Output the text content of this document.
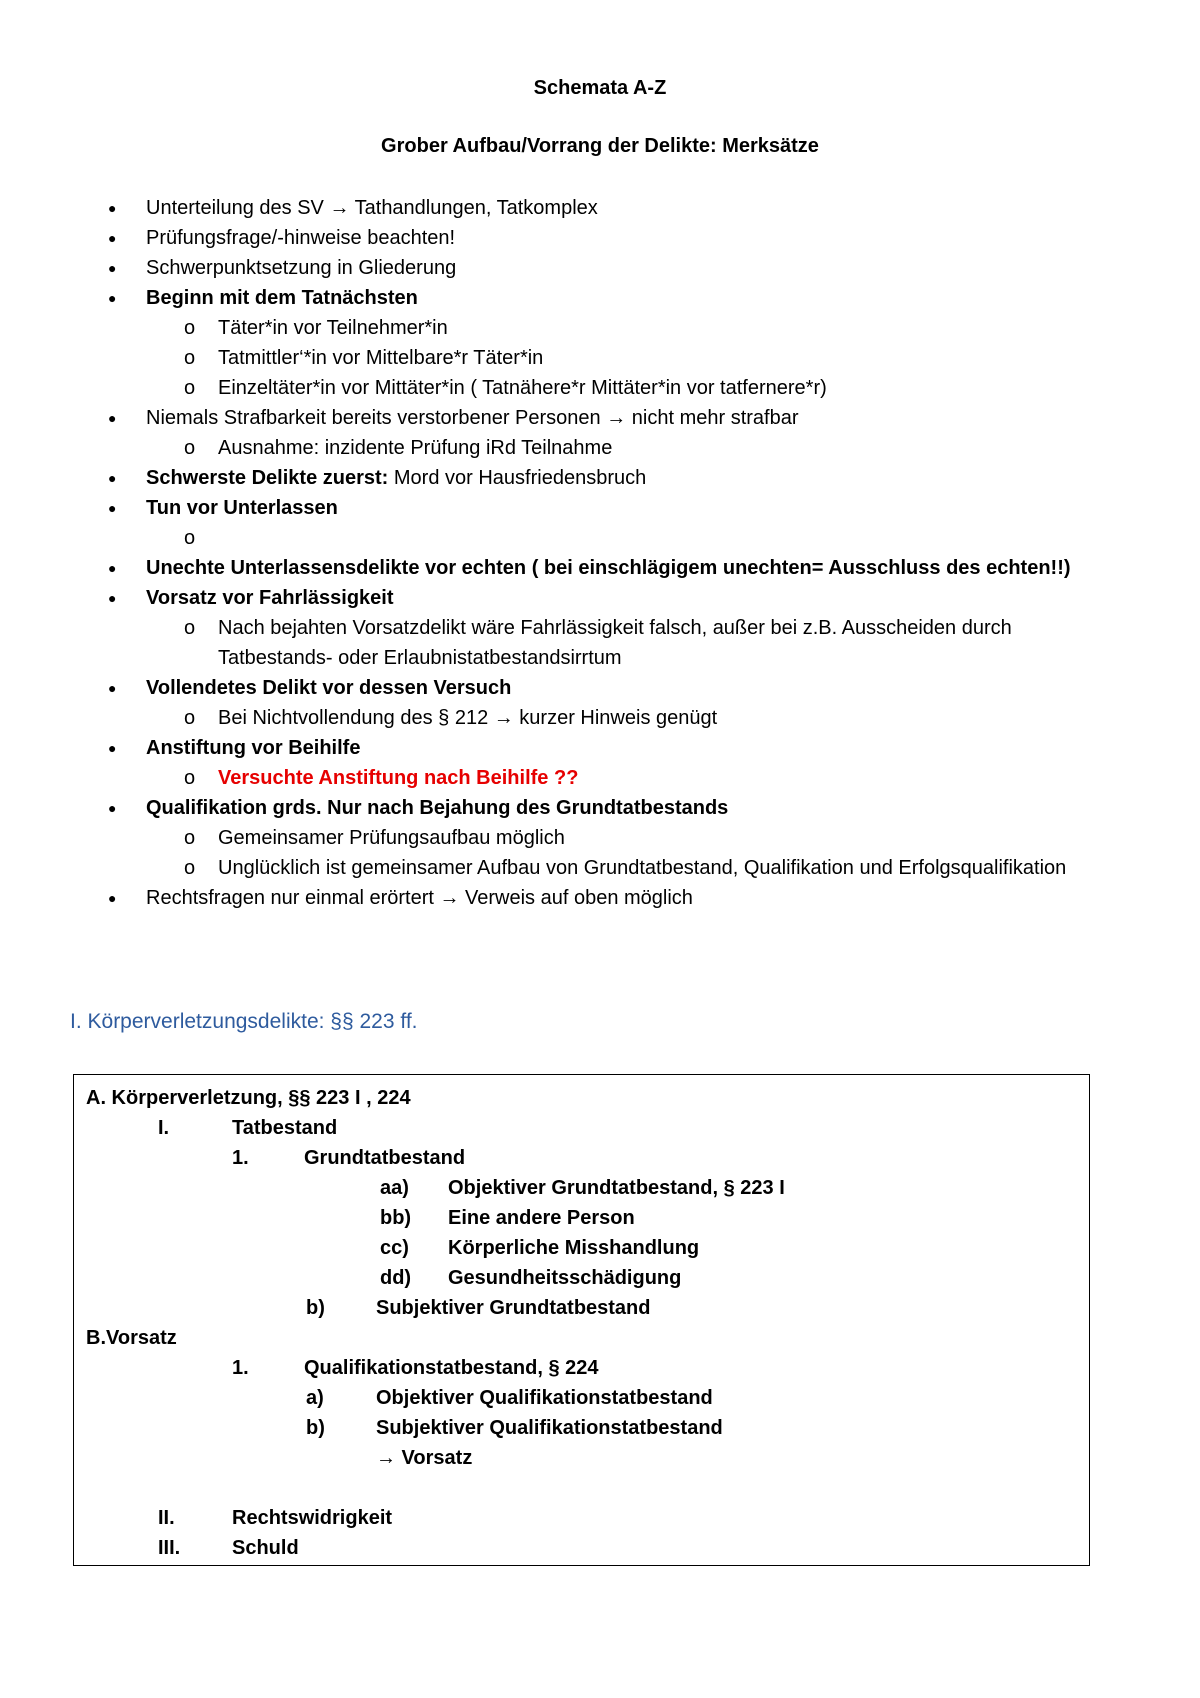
Schemata A-Z
Grober Aufbau/Vorrang der Delikte: Merksätze
● Unterteilung des SV → Tathandlungen, Tatkomplex
● Prüfungsfrage/-hinweise beachten!
● Schwerpunktsetzung in Gliederung
● Beginn mit dem Tatnächsten
o Täter*in vor Teilnehmer*in
o Tatmittler‘*in vor Mittelbare*r Täter*in
o Einzeltäter*in vor Mittäter*in ( Tatnähere*r Mittäter*in vor tatfernere*r)
● Niemals Strafbarkeit bereits verstorbener Personen → nicht mehr strafbar
o Ausnahme: inzidente Prüfung iRd Teilnahme
● Schwerste Delikte zuerst: Mord vor Hausfriedensbruch
● Tun vor Unterlassen
o
● Unechte Unterlassensdelikte vor echten ( bei einschlägigem unechten= Ausschluss des echten!!)
● Vorsatz vor Fahrlässigkeit
o Nach bejahten Vorsatzdelikt wäre Fahrlässigkeit falsch, außer bei z.B. Ausscheiden durch Tatbestands- oder Erlaubnistatbestandsirrtum
● Vollendetes Delikt vor dessen Versuch
o Bei Nichtvollendung des § 212 → kurzer Hinweis genügt
● Anstiftung vor Beihilfe
o Versuchte Anstiftung nach Beihilfe ??
● Qualifikation grds. Nur nach Bejahung des Grundtatbestands
o Gemeinsamer Prüfungsaufbau möglich
o Unglücklich ist gemeinsamer Aufbau von Grundtatbestand, Qualifikation und Erfolgsqualifikation
● Rechtsfragen nur einmal erörtert → Verweis auf oben möglich
I. Körperverletzungsdelikte: §§ 223 ff.
A. Körperverletzung, §§ 223 I , 224
I.	Tatbestand
1.	Grundtatbestand
aa) Objektiver Grundtatbestand, § 223 I
bb) Eine andere Person
cc) Körperliche Misshandlung
dd) Gesundheitsschädigung
b)	Subjektiver Grundtatbestand
B.Vorsatz
1.	Qualifikationstatbestand, § 224
a)	Objektiver Qualifikationstatbestand
b)	Subjektiver Qualifikationstatbestand
→ Vorsatz
II.	Rechtswidrigkeit
III.	Schuld
